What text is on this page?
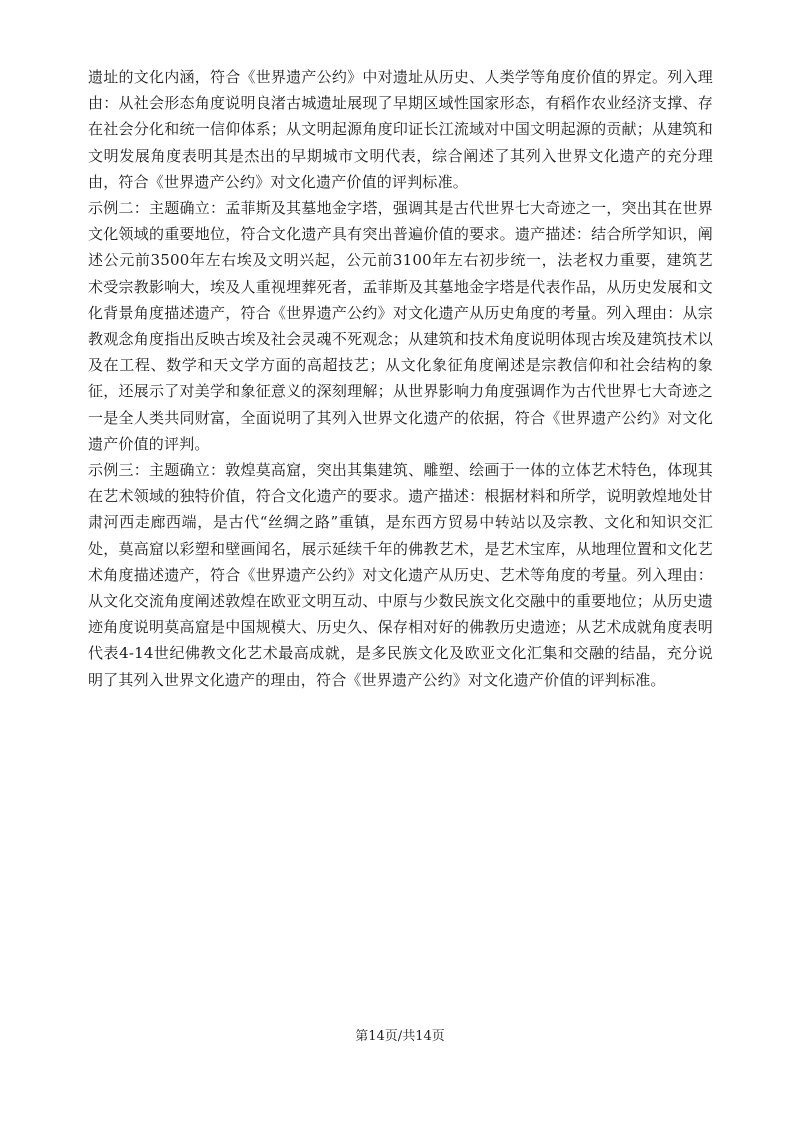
遗址的文化内涵，符合《世界遗产公约》中对遗址从历史、人类学等角度价值的界定。列入理由：从社会形态角度说明良渚古城遗址展现了早期区域性国家形态，有稻作农业经济支撑、存在社会分化和统一信仰体系；从文明起源角度印证长江流域对中国文明起源的贡献；从建筑和文明发展角度表明其是杰出的早期城市文明代表，综合阐述了其列入世界文化遗产的充分理由，符合《世界遗产公约》对文化遗产价值的评判标准。

示例二：主题确立：孟菲斯及其墓地金字塔，强调其是古代世界七大奇迹之一，突出其在世界文化领域的重要地位，符合文化遗产具有突出普遍价值的要求。遗产描述：结合所学知识，阐述公元前3500年左右埃及文明兴起，公元前3100年左右初步统一，法老权力重要，建筑艺术受宗教影响大，埃及人重视埋葬死者，孟菲斯及其墓地金字塔是代表作品，从历史发展和文化背景角度描述遗产，符合《世界遗产公约》对文化遗产从历史角度的考量。列入理由：从宗教观念角度指出反映古埃及社会灵魂不死观念；从建筑和技术角度说明体现古埃及建筑技术以及在工程、数学和天文学方面的高超技艺；从文化象征角度阐述是宗教信仰和社会结构的象征，还展示了对美学和象征意义的深刻理解；从世界影响力角度强调作为古代世界七大奇迹之一是全人类共同财富，全面说明了其列入世界文化遗产的依据，符合《世界遗产公约》对文化遗产价值的评判。

示例三：主题确立：敦煌莫高窟，突出其集建筑、雕塑、绘画于一体的立体艺术特色，体现其在艺术领域的独特价值，符合文化遗产的要求。遗产描述：根据材料和所学，说明敦煌地处甘肃河西走廊西端，是古代“丝绸之路”重镇，是东西方贸易中转站以及宗教、文化和知识交汇处，莫高窟以彩塑和壁画闻名，展示延续千年的佛教艺术，是艺术宝库，从地理位置和文化艺术角度描述遗产，符合《世界遗产公约》对文化遗产从历史、艺术等角度的考量。列入理由：从文化交流角度阐述敦煌在欧亚文明互动、中原与少数民族文化交融中的重要地位；从历史遗迹角度说明莫高窟是中国规模大、历史久、保存相对好的佛教历史遗迹；从艺术成就角度表明代表4-14世纪佛教文化艺术最高成就，是多民族文化及欧亚文化汇集和交融的结晶，充分说明了其列入世界文化遗产的理由，符合《世界遗产公约》对文化遗产价值的评判标准。

第14页/共14页
